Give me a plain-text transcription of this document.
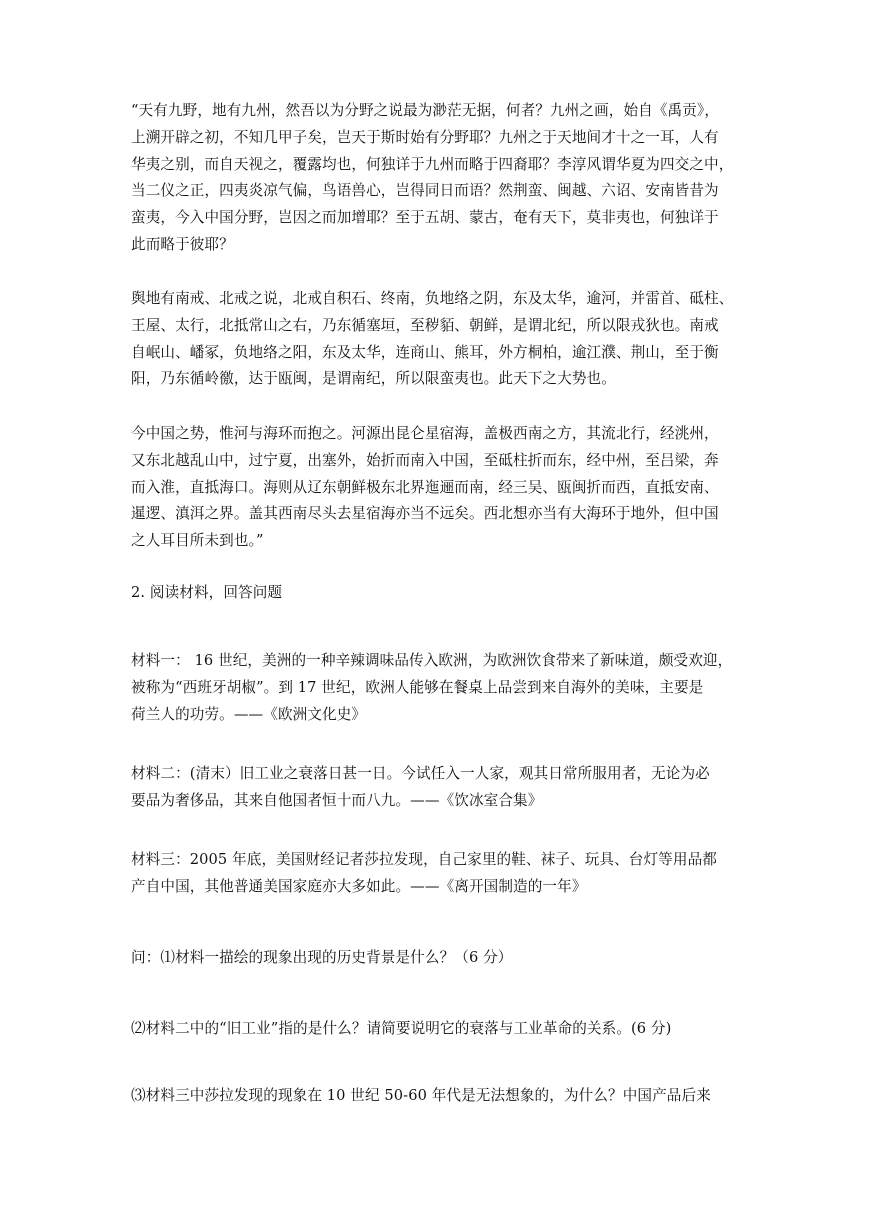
“天有九野，地有九州，然吾以为分野之说最为渺茫无据，何者？九州之画，始自《禹贡》，
上溯开辟之初，不知几甲子矣，岂天于斯时始有分野耶？九州之于天地间才十之一耳，人有
华夷之别，而自天视之，覆露均也，何独详于九州而略于四裔耶？李淳风谓华夏为四交之中，
当二仪之正，四夷炎凉气偏，鸟语兽心，岂得同日而语？然荆蛮、闽越、六诏、安南皆昔为
蛮夷，今入中国分野，岂因之而加增耶？至于五胡、蒙古，奄有天下，莫非夷也，何独详于
此而略于彼耶？

舆地有南戒、北戒之说，北戒自积石、终南，负地络之阴，东及太华，逾河，并雷首、砥柱、
王屋、太行，北抵常山之右，乃东循塞垣，至秽貊、朝鲜，是谓北纪，所以限戎狄也。南戒
自岷山、嶓冢，负地络之阳，东及太华，连商山、熊耳，外方桐柏，逾江濮、荆山，至于衡
阳，乃东循岭徼，达于瓯闽，是谓南纪，所以限蛮夷也。此天下之大势也。

今中国之势，惟河与海环而抱之。河源出昆仑星宿海，盖极西南之方，其流北行，经洮州，
又东北越乱山中，过宁夏，出塞外，始折而南入中国，至砥柱折而东，经中州，至吕梁，奔
而入淮，直抵海口。海则从辽东朝鲜极东北界迤逦而南，经三吴、瓯闽折而西，直抵安南、
暹逻、滇洱之界。盖其西南尽头去星宿海亦当不远矣。西北想亦当有大海环于地外，但中国
之人耳目所未到也。”

2. 阅读材料，回答问题

材料一： 16 世纪，美洲的一种辛辣调味品传入欧洲，为欧洲饮食带来了新味道，颇受欢迎，
被称为“西班牙胡椒”。到 17 世纪，欧洲人能够在餐桌上品尝到来自海外的美味，主要是
荷兰人的功劳。——《欧洲文化史》

材料二：(清末）旧工业之衰落日甚一日。今试任入一人家，观其日常所服用者，无论为必
要品为奢侈品，其来自他国者恒十而八九。——《饮冰室合集》

材料三：2005 年底，美国财经记者莎拉发现，自己家里的鞋、袜子、玩具、台灯等用品都
产自中国，其他普通美国家庭亦大多如此。——《离开国制造的一年》

问：⑴材料一描绘的现象出现的历史背景是什么？（6 分）

⑵材料二中的“旧工业”指的是什么？请简要说明它的衰落与工业革命的关系。(6 分)

⑶材料三中莎拉发现的现象在 10 世纪 50-60 年代是无法想象的，为什么？中国产品后来
